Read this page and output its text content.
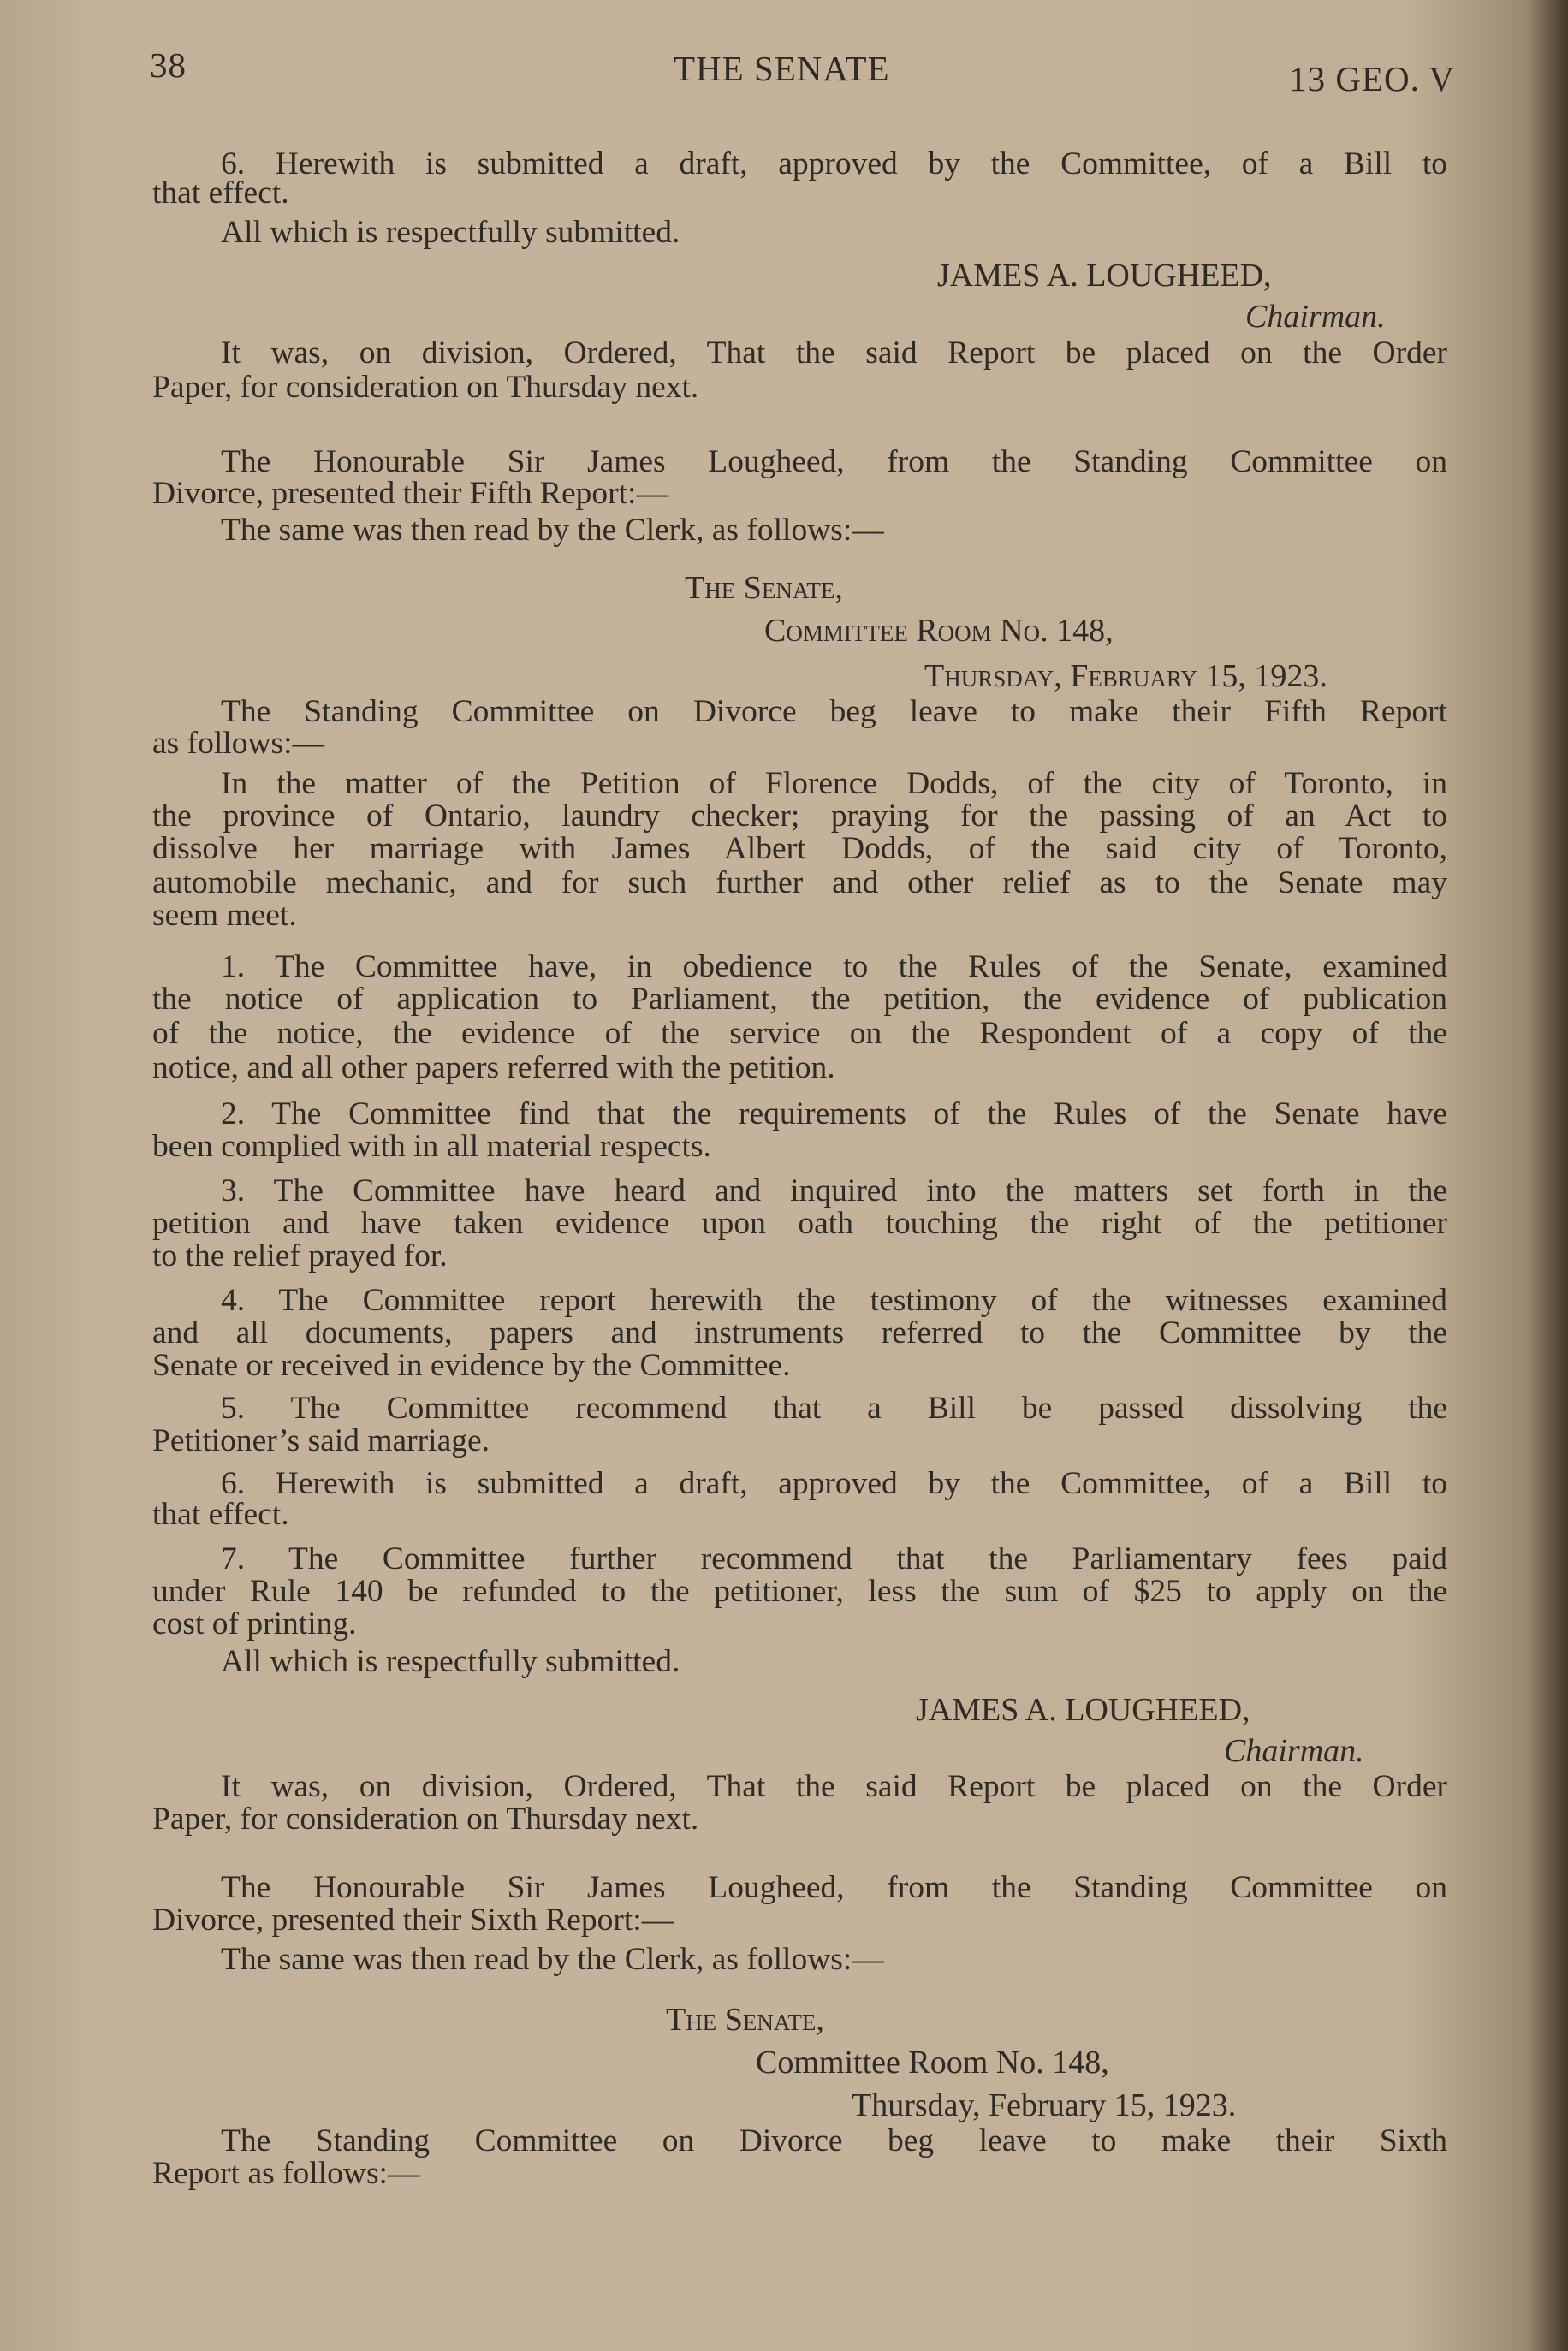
38	THE SENATE	13 GEO. V
6. Herewith is submitted a draft, approved by the Committee, of a Bill to
that effect.
All which is respectfully submitted.
JAMES A. LOUGHEED,
Chairman.
It was, on division, Ordered, That the said Report be placed on the Order
Paper, for consideration on Thursday next.
The Honourable Sir James Lougheed, from the Standing Committee on
Divorce, presented their Fifth Report:—
The same was then read by the Clerk, as follows:—
The Senate,
Committee Room No. 148,
Thursday, February 15, 1923.
The Standing Committee on Divorce beg leave to make their Fifth Report
as follows:—
In the matter of the Petition of Florence Dodds, of the city of Toronto, in
the province of Ontario, laundry checker; praying for the passing of an Act to
dissolve her marriage with James Albert Dodds, of the said city of Toronto,
automobile mechanic, and for such further and other relief as to the Senate may
seem meet.
1. The Committee have, in obedience to the Rules of the Senate, examined
the notice of application to Parliament, the petition, the evidence of publication
of the notice, the evidence of the service on the Respondent of a copy of the
notice, and all other papers referred with the petition.
2. The Committee find that the requirements of the Rules of the Senate have
been complied with in all material respects.
3. The Committee have heard and inquired into the matters set forth in the
petition and have taken evidence upon oath touching the right of the petitioner
to the relief prayed for.
4. The Committee report herewith the testimony of the witnesses examined
and all documents, papers and instruments referred to the Committee by the
Senate or received in evidence by the Committee.
5. The Committee recommend that a Bill be passed dissolving the
Petitioner’s said marriage.
6. Herewith is submitted a draft, approved by the Committee, of a Bill to
that effect.
7. The Committee further recommend that the Parliamentary fees paid
under Rule 140 be refunded to the petitioner, less the sum of $25 to apply on the
cost of printing.
All which is respectfully submitted.
JAMES A. LOUGHEED,
Chairman.
It was, on division, Ordered, That the said Report be placed on the Order
Paper, for consideration on Thursday next.
The Honourable Sir James Lougheed, from the Standing Committee on
Divorce, presented their Sixth Report:—
The same was then read by the Clerk, as follows:—
The Senate,
Committee Room No. 148,
Thursday, February 15, 1923.
The Standing Committee on Divorce beg leave to make their Sixth
Report as follows:—
